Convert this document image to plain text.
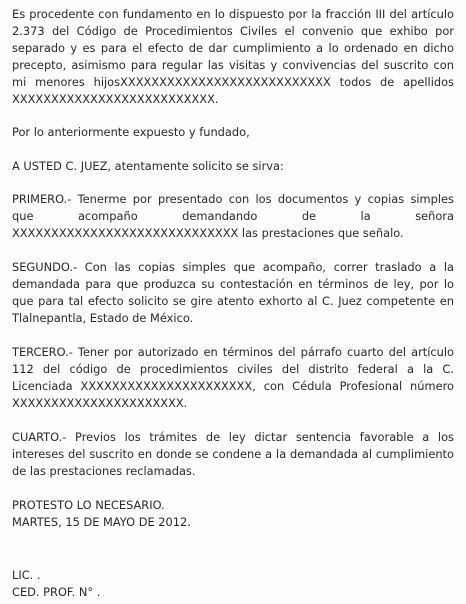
Es procedente con fundamento en lo dispuesto por la fracción III del artículo 2.373 del Código de Procedimientos Civiles el convenio que exhibo por separado y es para el efecto de dar cumplimiento a lo ordenado en dicho precepto, asimismo para regular las visitas y convivencias del suscrito con mi menores hijosXXXXXXXXXXXXXXXXXXXXXXXXXXX todos de apellidos XXXXXXXXXXXXXXXXXXXXXXXXXX.

Por lo anteriormente expuesto y fundado,

A USTED C. JUEZ, atentamente solicito se sirva:

PRIMERO.- Tenerme por presentado con los documentos y copias simples que acompaño demandando de la señora XXXXXXXXXXXXXXXXXXXXXXXXXXXXX las prestaciones que señalo.

SEGUNDO.- Con las copias simples que acompaño, correr traslado a la demandada para que produzca su contestación en términos de ley, por lo que para tal efecto solicito se gire atento exhorto al C. Juez competente en Tlalnepantla, Estado de México.

TERCERO.- Tener por autorizado en términos del párrafo cuarto del artículo 112 del código de procedimientos civiles del distrito federal a la C. Licenciada XXXXXXXXXXXXXXXXXXXXXX, con Cédula Profesional número XXXXXXXXXXXXXXXXXXXXXX.

CUARTO.- Previos los trámites de ley dictar sentencia favorable a los intereses del suscrito en donde se condene a la demandada al cumplimiento de las prestaciones reclamadas.

PROTESTO LO NECESARIO.
MARTES, 15 DE MAYO DE 2012.

LIC. .

CED. PROF. N° .
